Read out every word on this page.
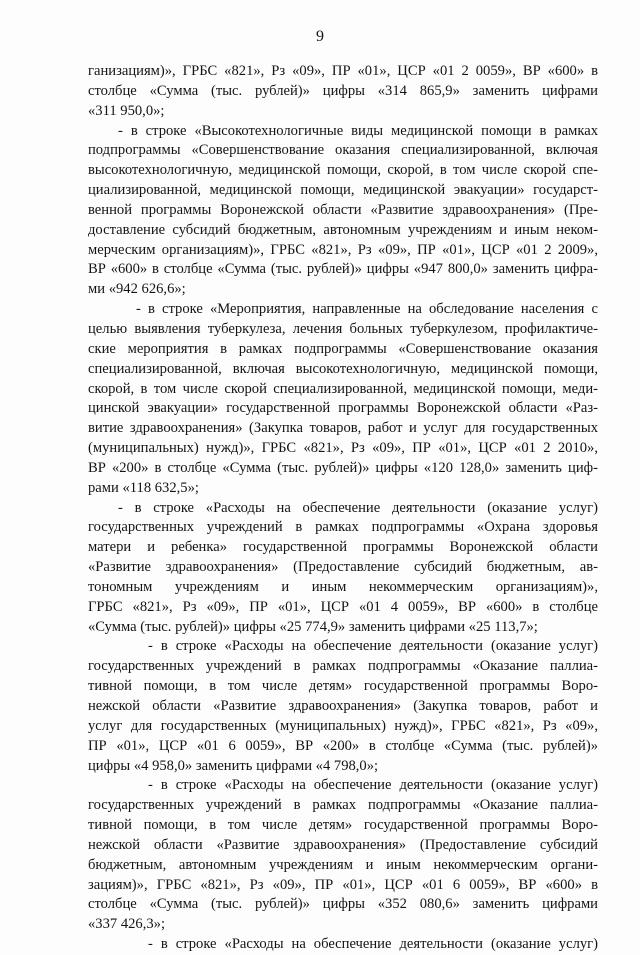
9
ганизациям)», ГРБС «821», Рз «09», ПР «01», ЦСР «01 2 0059», ВР «600» в
столбце «Сумма (тыс. рублей)» цифры «314 865,9» заменить цифрами
«311 950,0»;
- в строке «Высокотехнологичные виды медицинской помощи в рамках
подпрограммы «Совершенствование оказания специализированной, включая
высокотехнологичную, медицинской помощи, скорой, в том числе скорой спе-
циализированной, медицинской помощи, медицинской эвакуации» государст-
венной программы Воронежской области «Развитие здравоохранения» (Пре-
доставление субсидий бюджетным, автономным учреждениям и иным неком-
мерческим организациям)», ГРБС «821», Рз «09», ПР «01», ЦСР «01 2 2009»,
ВР «600» в столбце «Сумма (тыс. рублей)» цифры «947 800,0» заменить цифра-
ми «942 626,6»;
- в строке «Мероприятия, направленные на обследование населения с
целью выявления туберкулеза, лечения больных туберкулезом, профилактиче-
ские мероприятия в рамках подпрограммы «Совершенствование оказания
специализированной, включая высокотехнологичную, медицинской помощи,
скорой, в том числе скорой специализированной, медицинской помощи, меди-
цинской эвакуации» государственной программы Воронежской области «Раз-
витие здравоохранения» (Закупка товаров, работ и услуг для государственных
(муниципальных) нужд)», ГРБС «821», Рз «09», ПР «01», ЦСР «01 2 2010»,
ВР «200» в столбце «Сумма (тыс. рублей)» цифры «120 128,0» заменить циф-
рами «118 632,5»;
- в строке «Расходы на обеспечение деятельности (оказание услуг)
государственных учреждений в рамках подпрограммы «Охрана здоровья
матери и ребенка» государственной программы Воронежской области
«Развитие здравоохранения» (Предоставление субсидий бюджетным, ав-
тономным учреждениям и иным некоммерческим организациям)»,
ГРБС «821», Рз «09», ПР «01», ЦСР «01 4 0059», ВР «600» в столбце
«Сумма (тыс. рублей)» цифры «25 774,9» заменить цифрами «25 113,7»;
- в строке «Расходы на обеспечение деятельности (оказание услуг)
государственных учреждений в рамках подпрограммы «Оказание паллиа-
тивной помощи, в том числе детям» государственной программы Воро-
нежской области «Развитие здравоохранения» (Закупка товаров, работ и
услуг для государственных (муниципальных) нужд)», ГРБС «821», Рз «09»,
ПР «01», ЦСР «01 6 0059», ВР «200» в столбце «Сумма (тыс. рублей)»
цифры «4 958,0» заменить цифрами «4 798,0»;
- в строке «Расходы на обеспечение деятельности (оказание услуг)
государственных учреждений в рамках подпрограммы «Оказание паллиа-
тивной помощи, в том числе детям» государственной программы Воро-
нежской области «Развитие здравоохранения» (Предоставление субсидий
бюджетным, автономным учреждениям и иным некоммерческим органи-
зациям)», ГРБС «821», Рз «09», ПР «01», ЦСР «01 6 0059», ВР «600» в
столбце «Сумма (тыс. рублей)» цифры «352 080,6» заменить цифрами
«337 426,3»;
- в строке «Расходы на обеспечение деятельности (оказание услуг)
